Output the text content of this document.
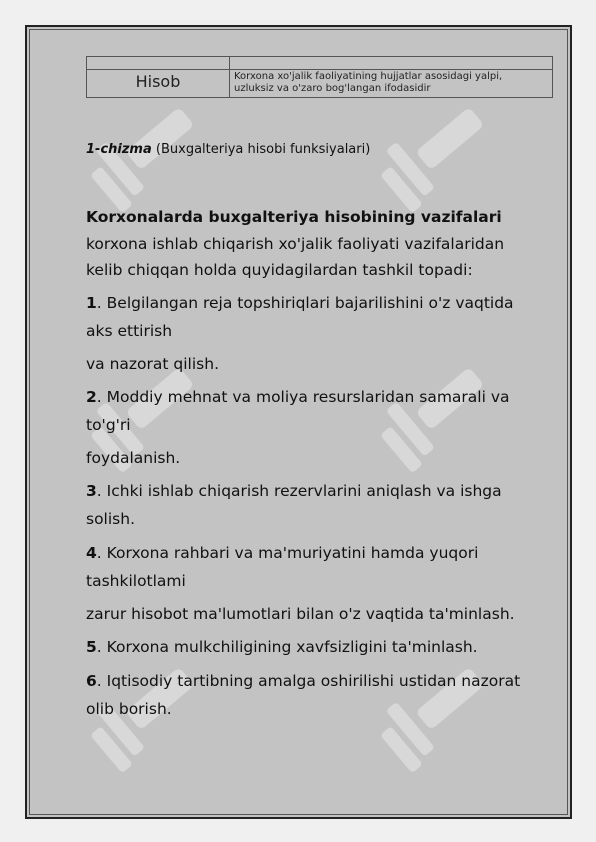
Hisob	Korxona xo'jalik faoliyatining hujjatlar asosidagi yalpi,
uzluksiz va o'zaro bog'langan ifodasidir
1-chizma (Buxgalteriya hisobi funksiyalari)
Korxonalarda buxgalteriya hisobining vazifalari
korxona ishlab chiqarish xo'jalik faoliyati vazifalaridan kelib chiqqan holda quyidagilardan tashkil topadi:
1. Belgilangan reja topshiriqlari bajarilishini o'z vaqtida aks ettirish
va nazorat qilish.
2. Moddiy mehnat va moliya resurslaridan samarali va to'g'ri
foydalanish.
3. Ichki ishlab chiqarish rezervlarini aniqlash va ishga solish.
4. Korxona rahbari va ma'muriyatini hamda yuqori tashkilotlami
zarur hisobot ma'lumotlari bilan o'z vaqtida ta'minlash.
5. Korxona mulkchiligining xavfsizligini ta'minlash.
6. Iqtisodiy tartibning amalga oshirilishi ustidan nazorat olib borish.
